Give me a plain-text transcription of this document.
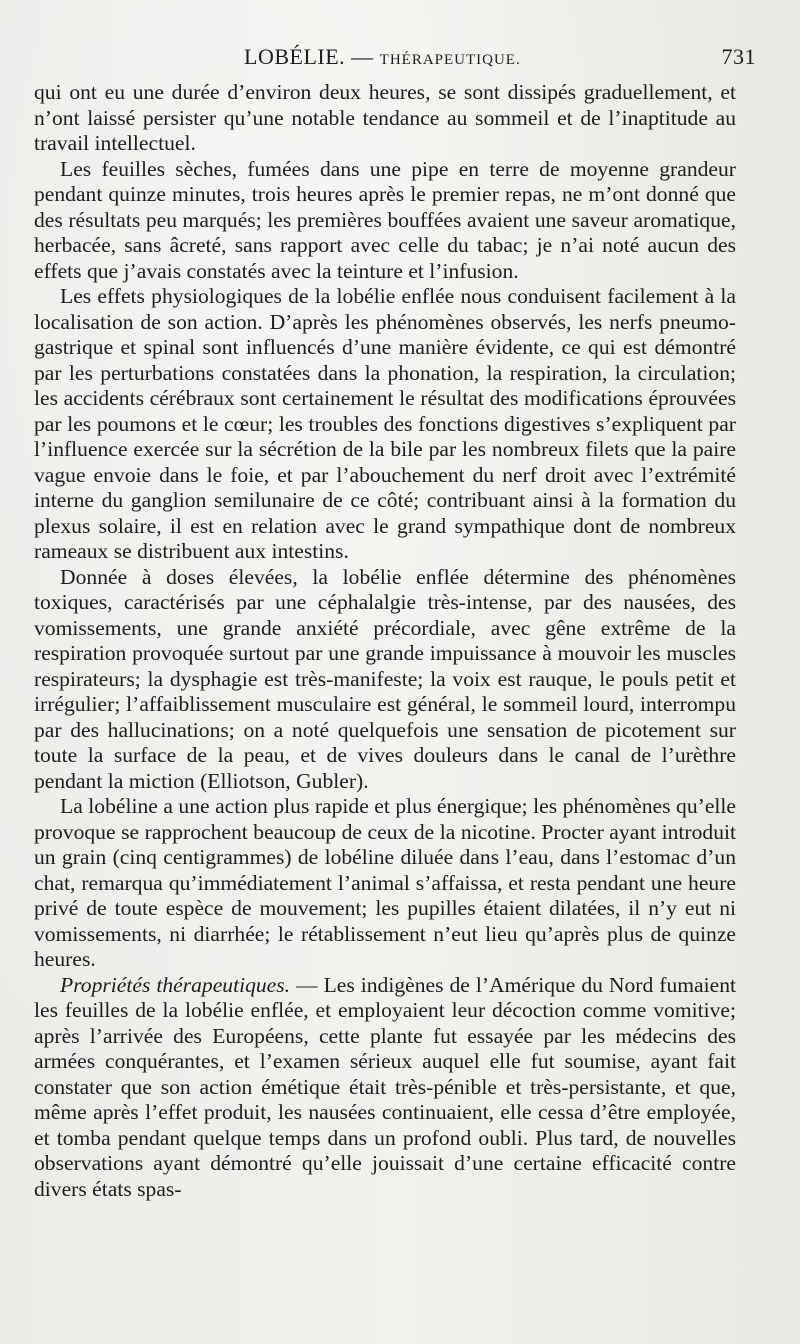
LOBÉLIE. — THÉRAPEUTIQUE.	731

qui ont eu une durée d’environ deux heures, se sont dissipés graduellement, et n’ont laissé persister qu’une notable tendance au sommeil et de l’inaptitude au travail intellectuel.

Les feuilles sèches, fumées dans une pipe en terre de moyenne grandeur pendant quinze minutes, trois heures après le premier repas, ne m’ont donné que des résultats peu marqués; les premières bouffées avaient une saveur aromatique, herbacée, sans âcreté, sans rapport avec celle du tabac; je n’ai noté aucun des effets que j’avais constatés avec la teinture et l’infusion.

Les effets physiologiques de la lobélie enflée nous conduisent facilement à la localisation de son action. D’après les phénomènes observés, les nerfs pneumo-gastrique et spinal sont influencés d’une manière évidente, ce qui est démontré par les perturbations constatées dans la phonation, la respiration, la circulation; les accidents cérébraux sont certainement le résultat des modifications éprouvées par les poumons et le cœur; les troubles des fonctions digestives s’expliquent par l’influence exercée sur la sécrétion de la bile par les nombreux filets que la paire vague envoie dans le foie, et par l’abouchement du nerf droit avec l’extrémité interne du ganglion semilunaire de ce côté; contribuant ainsi à la formation du plexus solaire, il est en relation avec le grand sympathique dont de nombreux rameaux se distribuent aux intestins.

Donnée à doses élevées, la lobélie enflée détermine des phénomènes toxiques, caractérisés par une céphalalgie très-intense, par des nausées, des vomissements, une grande anxiété précordiale, avec gêne extrême de la respiration provoquée surtout par une grande impuissance à mouvoir les muscles respirateurs; la dysphagie est très-manifeste; la voix est rauque, le pouls petit et irrégulier; l’affaiblissement musculaire est général, le sommeil lourd, interrompu par des hallucinations; on a noté quelquefois une sensation de picotement sur toute la surface de la peau, et de vives douleurs dans le canal de l’urèthre pendant la miction (Elliotson, Gubler).

La lobéline a une action plus rapide et plus énergique; les phénomènes qu’elle provoque se rapprochent beaucoup de ceux de la nicotine. Procter ayant introduit un grain (cinq centigrammes) de lobéline diluée dans l’eau, dans l’estomac d’un chat, remarqua qu’immédiatement l’animal s’affaissa, et resta pendant une heure privé de toute espèce de mouvement; les pupilles étaient dilatées, il n’y eut ni vomissements, ni diarrhée; le rétablissement n’eut lieu qu’après plus de quinze heures.

Propriétés thérapeutiques. — Les indigènes de l’Amérique du Nord fumaient les feuilles de la lobélie enflée, et employaient leur décoction comme vomitive; après l’arrivée des Européens, cette plante fut essayée par les médecins des armées conquérantes, et l’examen sérieux auquel elle fut soumise, ayant fait constater que son action émétique était très-pénible et très-persistante, et que, même après l’effet produit, les nausées continuaient, elle cessa d’être employée, et tomba pendant quelque temps dans un profond oubli. Plus tard, de nouvelles observations ayant démontré qu’elle jouissait d’une certaine efficacité contre divers états spas-
